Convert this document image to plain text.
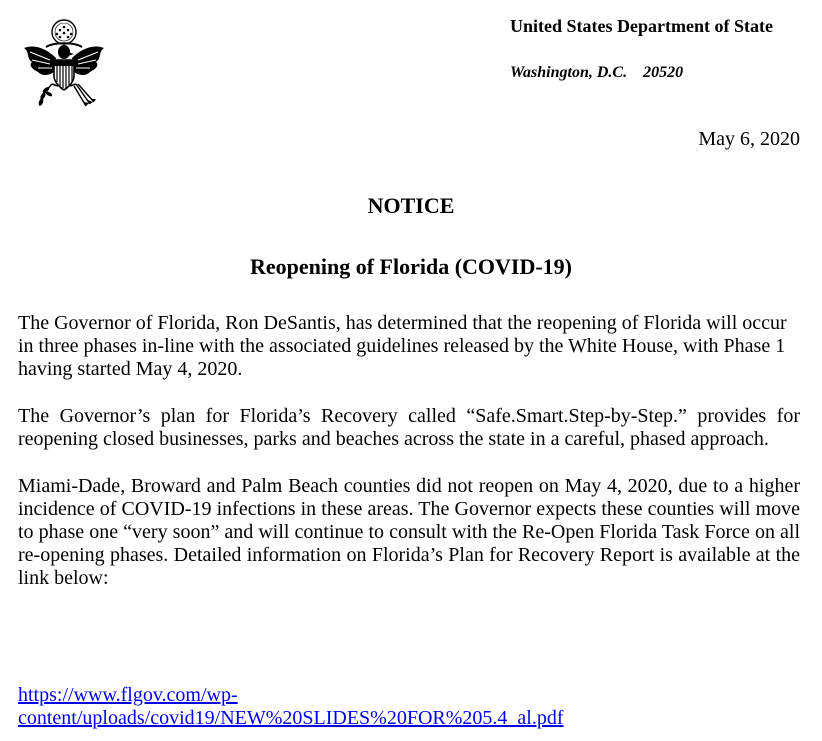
United States Department of State
Washington, D.C. 20520
May 6, 2020
NOTICE
Reopening of Florida (COVID-19)

The Governor of Florida, Ron DeSantis, has determined that the reopening of Florida will occur in three phases in-line with the associated guidelines released by the White House, with Phase 1 having started May 4, 2020.

The Governor’s plan for Florida’s Recovery called “Safe.Smart.Step-by-Step.” provides for reopening closed businesses, parks and beaches across the state in a careful, phased approach.

Miami-Dade, Broward and Palm Beach counties did not reopen on May 4, 2020, due to a higher incidence of COVID-19 infections in these areas. The Governor expects these counties will move to phase one “very soon” and will continue to consult with the Re-Open Florida Task Force on all re-opening phases. Detailed information on Florida’s Plan for Recovery Report is available at the link below:

https://www.flgov.com/wp-
content/uploads/covid19/NEW%20SLIDES%20FOR%205.4_al.pdf
